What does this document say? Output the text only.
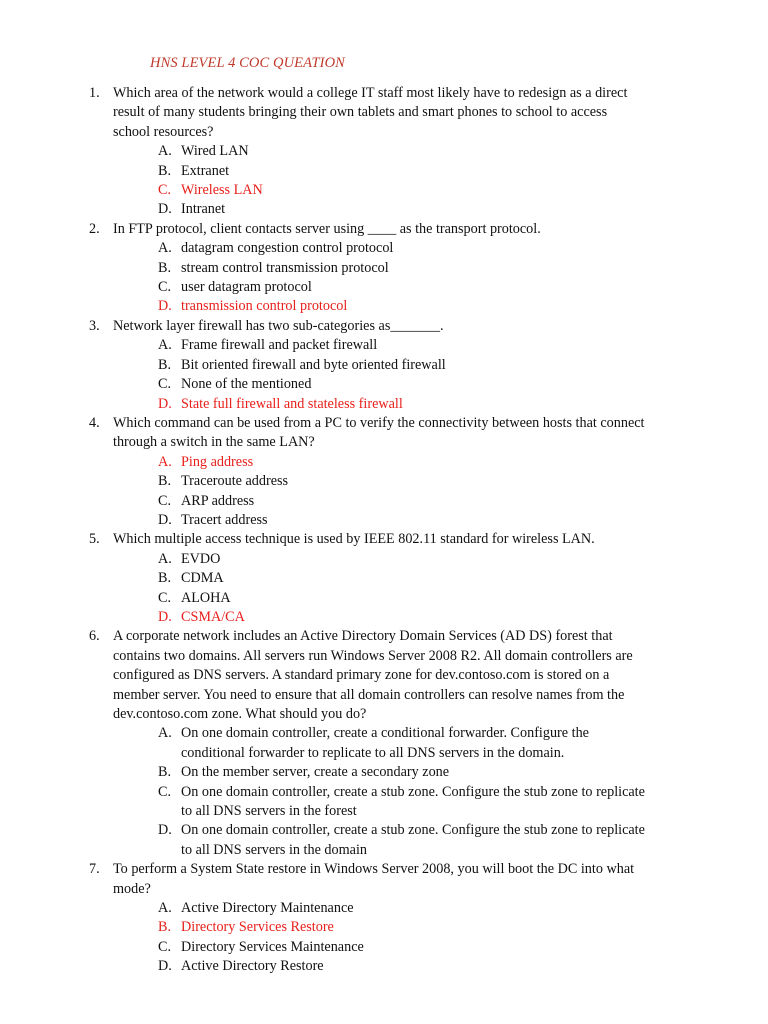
HNS LEVEL 4 COC QUEATION
1. Which area of the network would a college IT staff most likely have to redesign as a direct
result of many students bringing their own tablets and smart phones to school to access
school resources?
A. Wired LAN
B. Extranet
C. Wireless LAN
D. Intranet
2. In FTP protocol, client contacts server using ____ as the transport protocol.
A. datagram congestion control protocol
B. stream control transmission protocol
C. user datagram protocol
D. transmission control protocol
3. Network layer firewall has two sub-categories as_______.
A. Frame firewall and packet firewall
B. Bit oriented firewall and byte oriented firewall
C. None of the mentioned
D. State full firewall and stateless firewall
4. Which command can be used from a PC to verify the connectivity between hosts that connect
through a switch in the same LAN?
A. Ping address
B. Traceroute address
C. ARP address
D. Tracert address
5. Which multiple access technique is used by IEEE 802.11 standard for wireless LAN.
A. EVDO
B. CDMA
C. ALOHA
D. CSMA/CA
6. A corporate network includes an Active Directory Domain Services (AD DS) forest that
contains two domains. All servers run Windows Server 2008 R2. All domain controllers are
configured as DNS servers. A standard primary zone for dev.contoso.com is stored on a
member server. You need to ensure that all domain controllers can resolve names from the
dev.contoso.com zone. What should you do?
A. On one domain controller, create a conditional forwarder. Configure the
conditional forwarder to replicate to all DNS servers in the domain.
B. On the member server, create a secondary zone
C. On one domain controller, create a stub zone. Configure the stub zone to replicate
to all DNS servers in the forest
D. On one domain controller, create a stub zone. Configure the stub zone to replicate
to all DNS servers in the domain
7. To perform a System State restore in Windows Server 2008, you will boot the DC into what
mode?
A. Active Directory Maintenance
B. Directory Services Restore
C. Directory Services Maintenance
D. Active Directory Restore
